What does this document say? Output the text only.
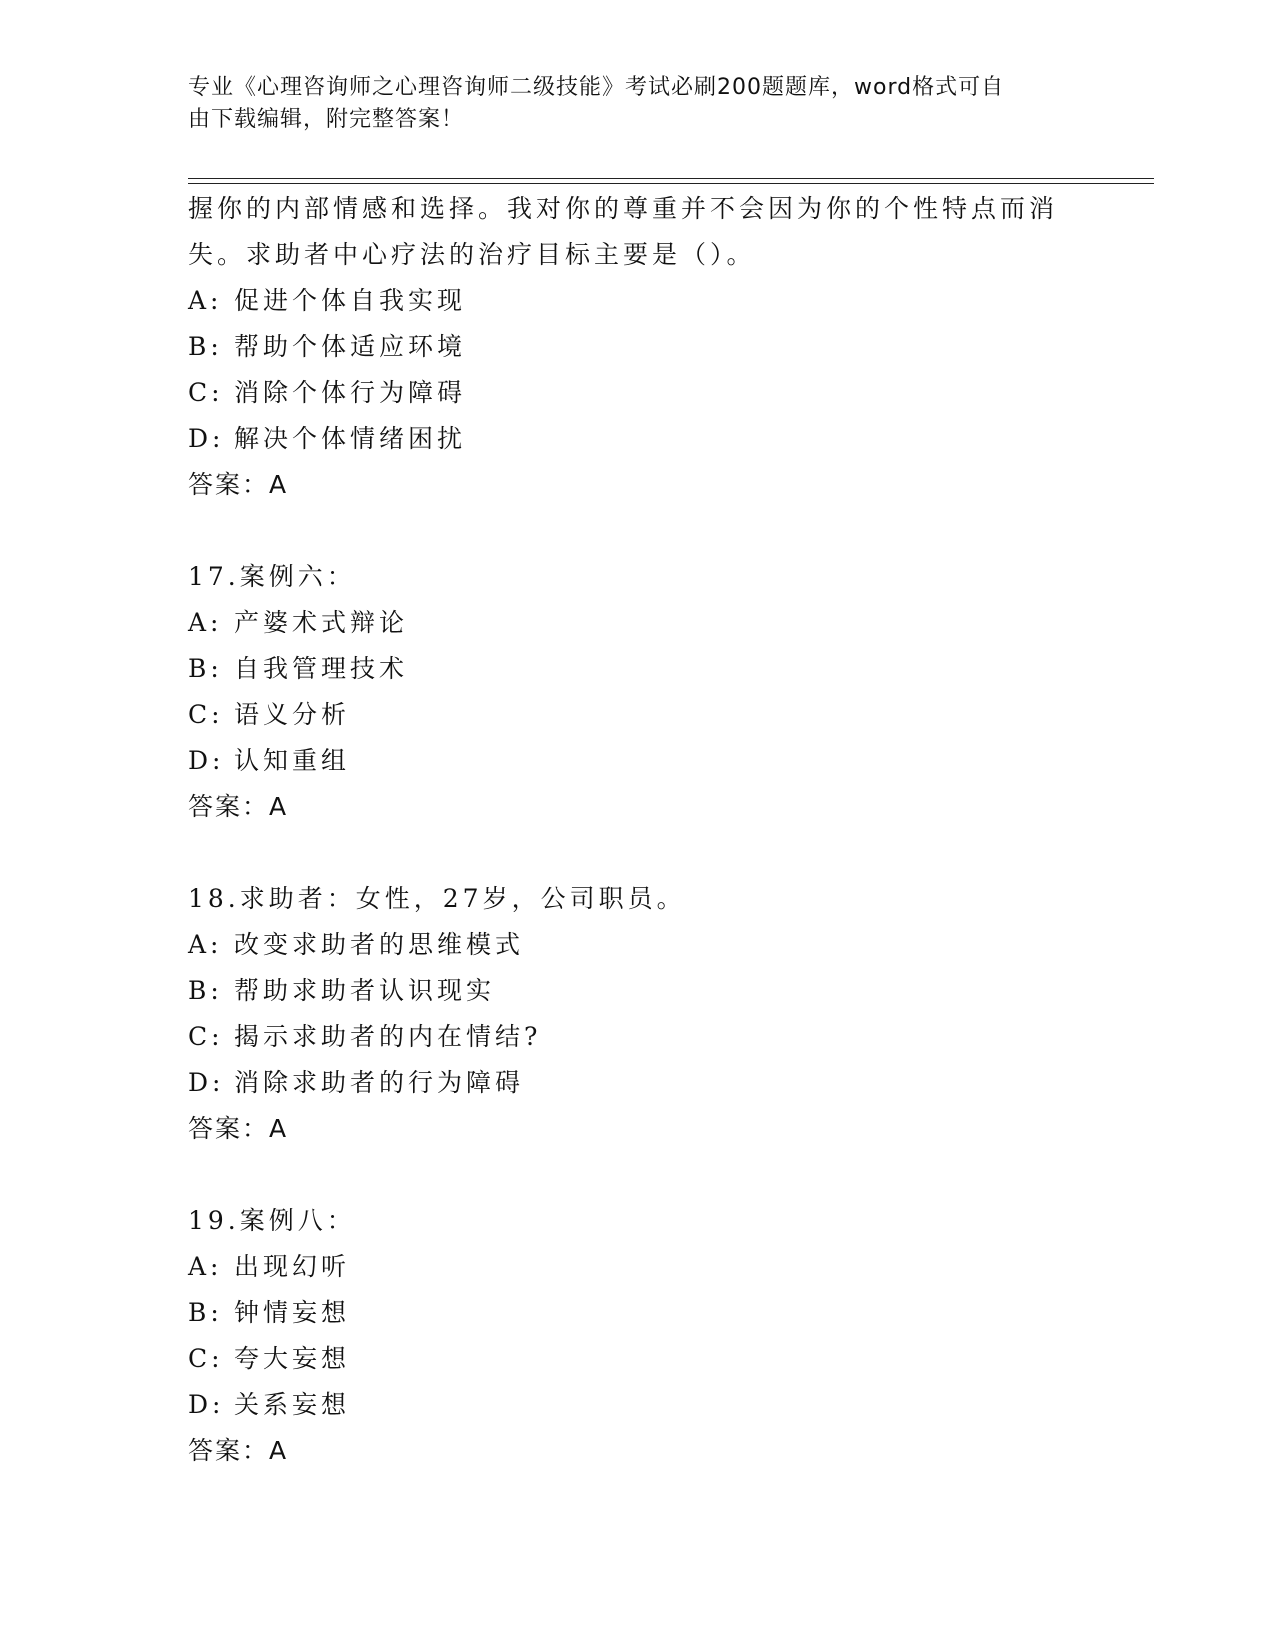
专业《心理咨询师之心理咨询师二级技能》考试必刷200题题库，word格式可自
由下载编辑，附完整答案！
握你的内部情感和选择。我对你的尊重并不会因为你的个性特点而消
失。求助者中心疗法的治疗目标主要是（）。
A: 促进个体自我实现
B: 帮助个体适应环境
C: 消除个体行为障碍
D: 解决个体情绪困扰
答案：A
17.案例六：
A: 产婆术式辩论
B: 自我管理技术
C: 语义分析
D: 认知重组
答案：A
18.求助者：女性，27岁，公司职员。
A: 改变求助者的思维模式
B: 帮助求助者认识现实
C: 揭示求助者的内在情结?
D: 消除求助者的行为障碍
答案：A
19.案例八：
A: 出现幻听
B: 钟情妄想
C: 夸大妄想
D: 关系妄想
答案：A
